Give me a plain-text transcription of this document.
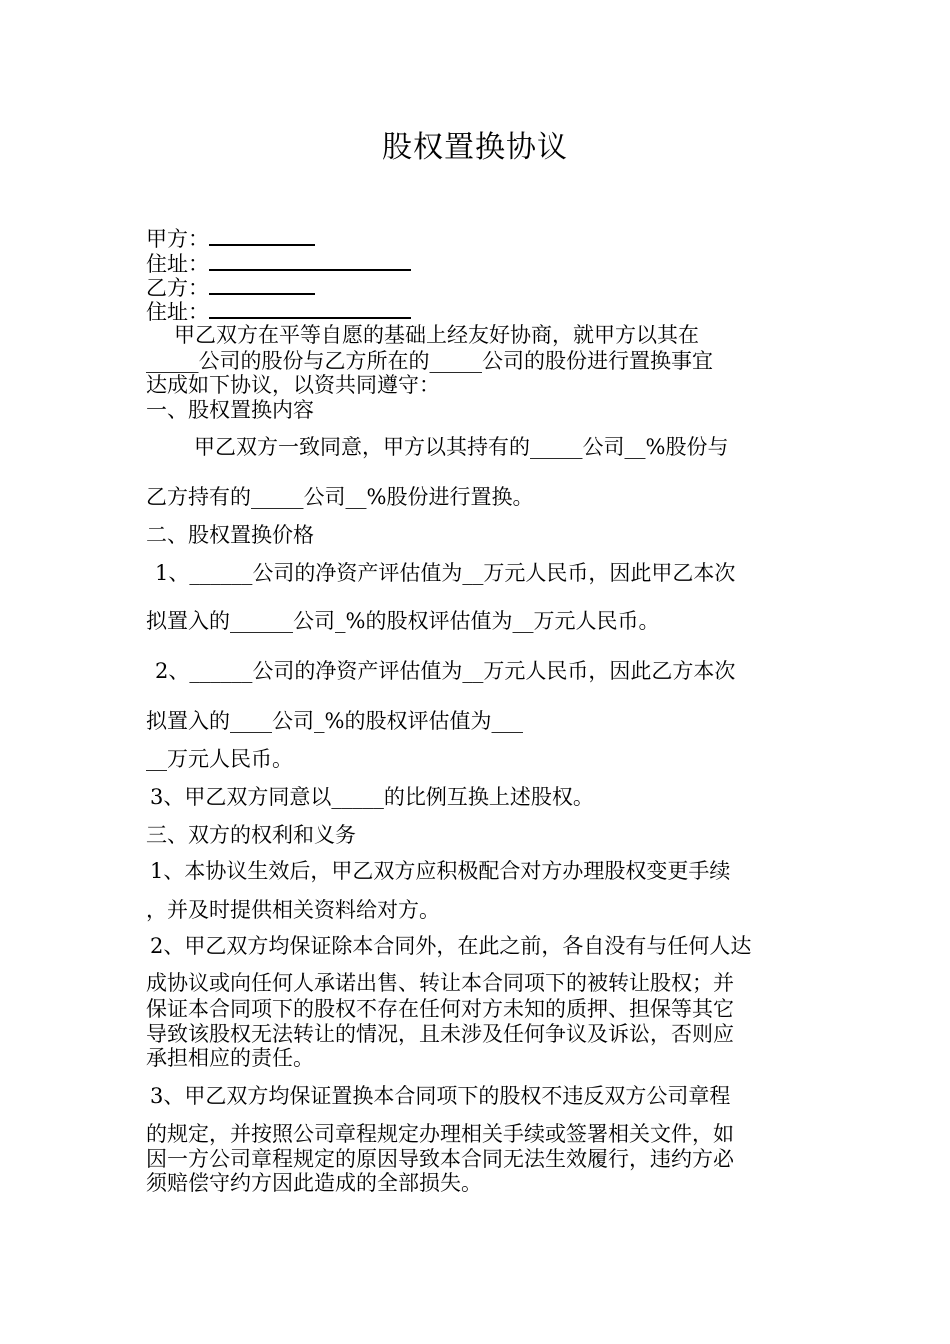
股权置换协议
甲方：
住址：
乙方：
住址：
甲乙双方在平等自愿的基础上经友好协商，就甲方以其在
_____公司的股份与乙方所在的_____公司的股份进行置换事宜
达成如下协议，以资共同遵守：
一、股权置换内容
甲乙双方一致同意，甲方以其持有的_____公司__%股份与
乙方持有的_____公司__%股份进行置换。
二、股权置换价格
1、______公司的净资产评估值为__万元人民币，因此甲乙本次
拟置入的______公司_%的股权评估值为__万元人民币。
2、______公司的净资产评估值为__万元人民币，因此乙方本次
拟置入的____公司_%的股权评估值为___
__万元人民币。
3、甲乙双方同意以_____的比例互换上述股权。
三、双方的权利和义务
1、本协议生效后，甲乙双方应积极配合对方办理股权变更手续
，并及时提供相关资料给对方。
2、甲乙双方均保证除本合同外，在此之前，各自没有与任何人达
成协议或向任何人承诺出售、转让本合同项下的被转让股权；并
保证本合同项下的股权不存在任何对方未知的质押、担保等其它
导致该股权无法转让的情况，且未涉及任何争议及诉讼，否则应
承担相应的责任。
3、甲乙双方均保证置换本合同项下的股权不违反双方公司章程
的规定，并按照公司章程规定办理相关手续或签署相关文件，如
因一方公司章程规定的原因导致本合同无法生效履行，违约方必
须赔偿守约方因此造成的全部损失。
